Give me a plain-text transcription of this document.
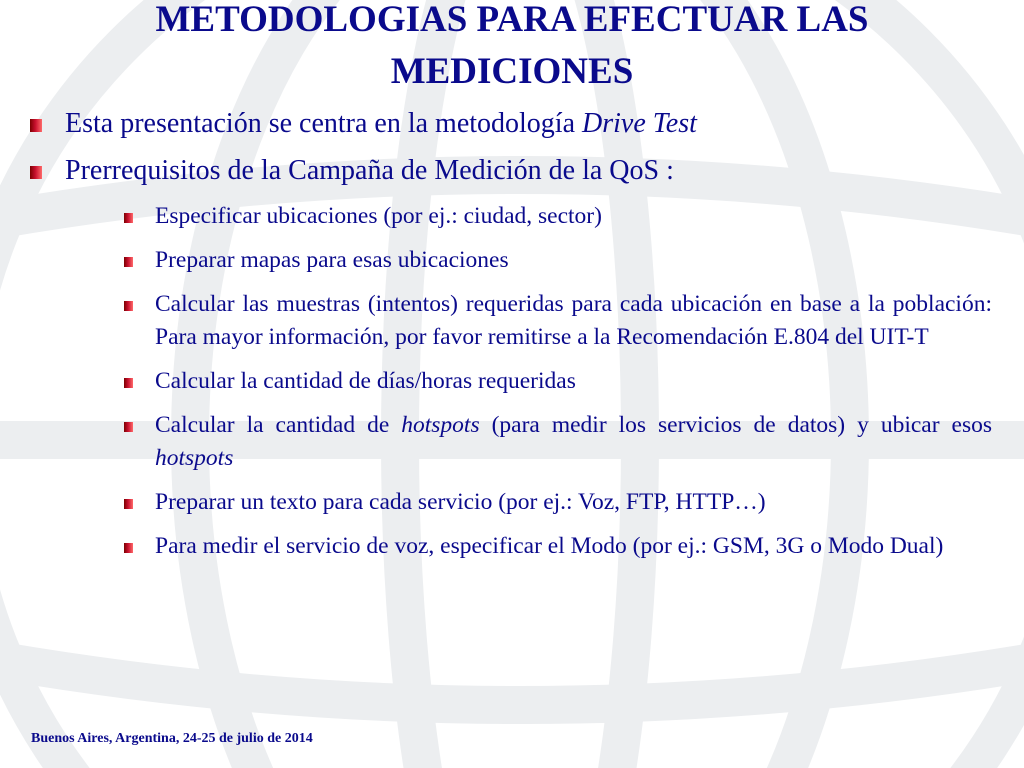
METODOLOGIAS PARA EFECTUAR LAS MEDICIONES
Esta presentación se centra en la metodología Drive Test
Prerrequisitos de la Campaña de Medición de la QoS :
Especificar ubicaciones (por ej.: ciudad, sector)
Preparar mapas para esas ubicaciones
Calcular las muestras (intentos) requeridas para cada ubicación en base a la población: Para mayor información, por favor remitirse a la Recomendación E.804 del UIT-T
Calcular la cantidad de días/horas requeridas
Calcular la cantidad de hotspots (para medir los servicios de datos) y ubicar esos hotspots
Preparar un texto para cada servicio (por ej.: Voz, FTP, HTTP…)
Para medir el servicio de voz, especificar el Modo (por ej.: GSM, 3G o Modo Dual)
Buenos Aires, Argentina, 24-25 de julio de 2014
